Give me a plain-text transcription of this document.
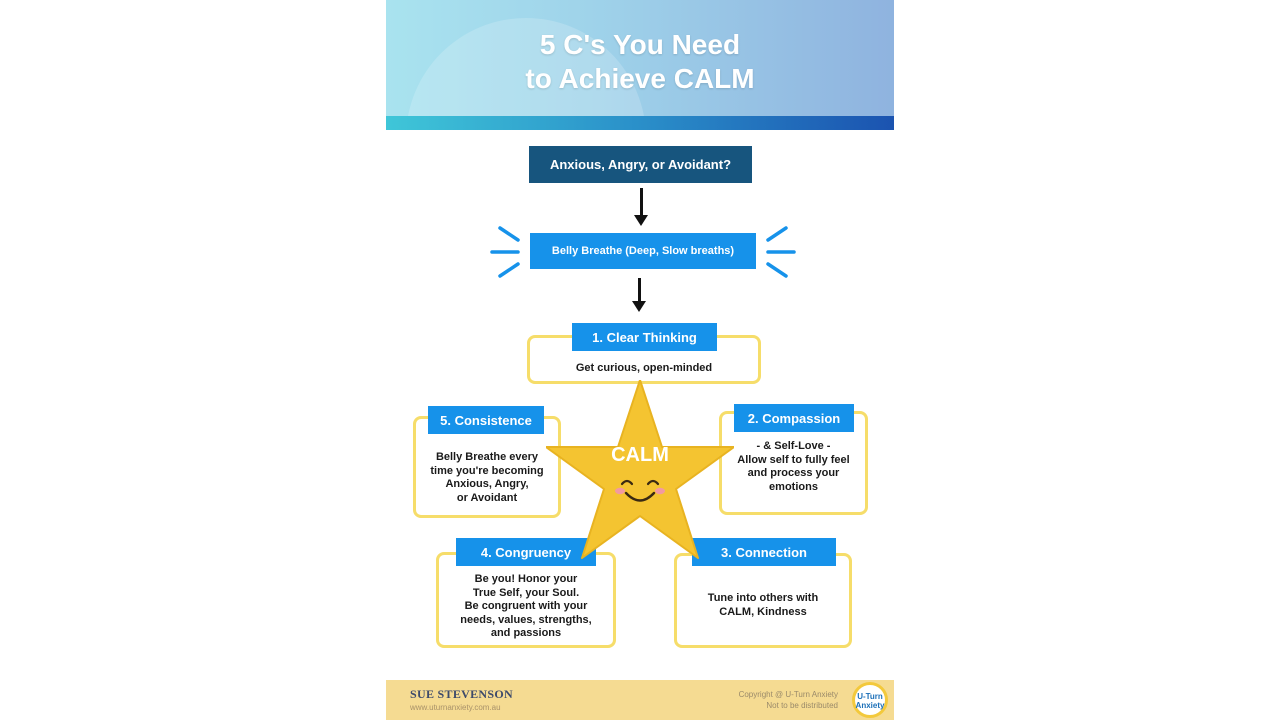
5 C's You Need
to Achieve CALM
Anxious, Angry, or Avoidant?
Belly Breathe (Deep, Slow breaths)
Get curious, open-minded
1. Clear Thinking
Belly Breathe every
time you're becoming
Anxious, Angry,
or Avoidant
5. Consistence
- & Self-Love -
Allow self to fully feel
and process your
emotions
2. Compassion
Be you! Honor your
True Self, your Soul.
Be congruent with your
needs, values, strengths,
and passions
4. Congruency
Tune into others with
CALM, Kindness
3. Connection
CALM
SUE STEVENSON
www.uturnanxiety.com.au
Copyright @ U-Turn Anxiety
Not to be distributed
U-Turn
Anxiety
